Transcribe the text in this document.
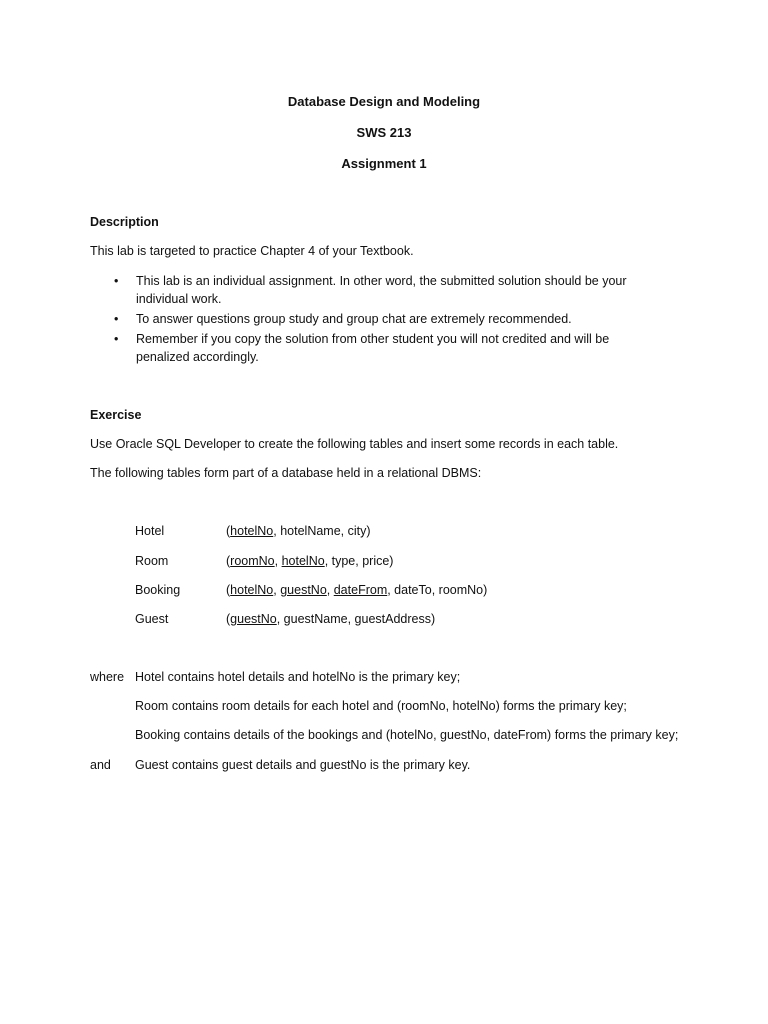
Database Design and Modeling
SWS 213
Assignment 1
Description
This lab is targeted to practice Chapter 4 of your Textbook.
• This lab is an individual assignment. In other word, the submitted solution should be your individual work.
• To answer questions group study and group chat are extremely recommended.
• Remember if you copy the solution from other student you will not credited and will be penalized accordingly.
Exercise
Use Oracle SQL Developer to create the following tables and insert some records in each table.
The following tables form part of a database held in a relational DBMS:
Hotel	(hotelNo, hotelName, city)
Room	(roomNo, hotelNo, type, price)
Booking	(hotelNo, guestNo, dateFrom, dateTo, roomNo)
Guest	(guestNo, guestName, guestAddress)
where Hotel contains hotel details and hotelNo is the primary key;
Room contains room details for each hotel and (roomNo, hotelNo) forms the primary key;
Booking contains details of the bookings and (hotelNo, guestNo, dateFrom) forms the primary key;
and Guest contains guest details and guestNo is the primary key.
